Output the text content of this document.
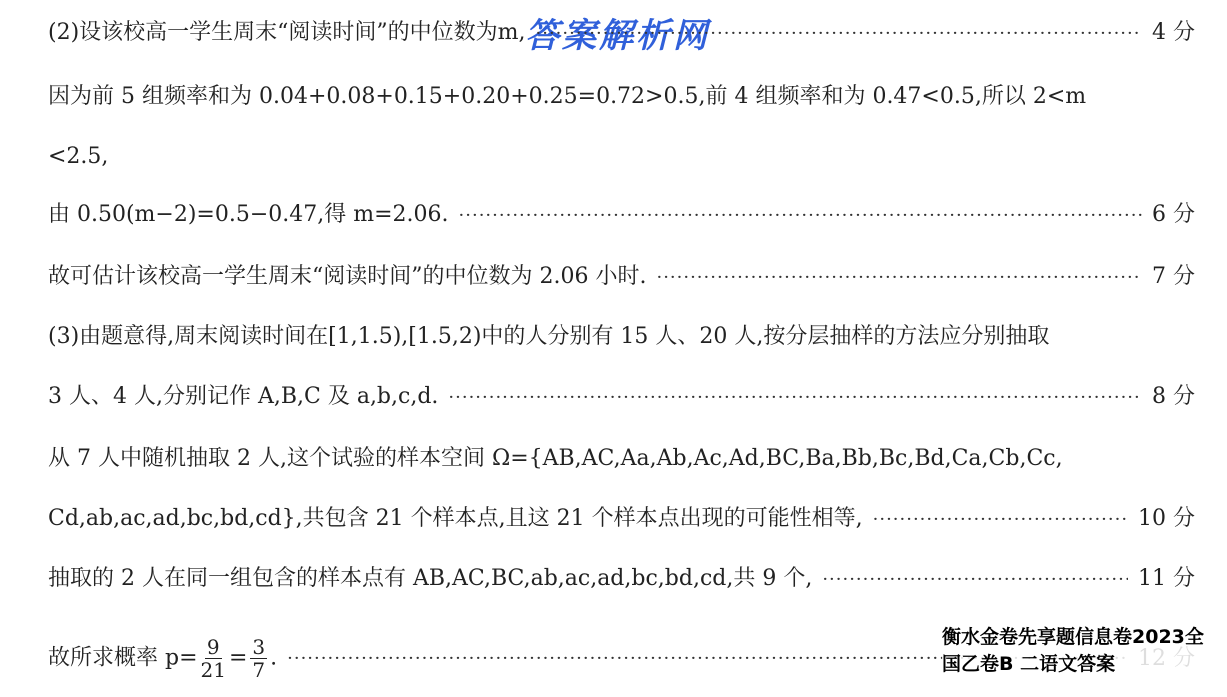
答案解析网
(2)设该校高一学生周末“阅读时间”的中位数为m, ·····	4 分
因为前 5 组频率和为 0.04+0.08+0.15+0.20+0.25=0.72>0.5,前 4 组频率和为 0.47<0.5,所以 2<m
<2.5,
由 0.50(m−2)=0.5−0.47,得 m=2.06. ·····	6 分
故可估计该校高一学生周末“阅读时间”的中位数为 2.06 小时. ·····	7 分
(3)由题意得,周末阅读时间在[1,1.5),[1.5,2)中的人分别有 15 人、20 人,按分层抽样的方法应分别抽取
3 人、4 人,分别记作 A,B,C 及 a,b,c,d. ·····	8 分
从 7 人中随机抽取 2 人,这个试验的样本空间 Ω={AB,AC,Aa,Ab,Ac,Ad,BC,Ba,Bb,Bc,Bd,Ca,Cb,Cc,
Cd,ab,ac,ad,bc,bd,cd},共包含 21 个样本点,且这 21 个样本点出现的可能性相等, ·····	10 分
抽取的 2 人在同一组包含的样本点有 AB,AC,BC,ab,ac,ad,bc,bd,cd,共 9 个, ·····	11 分
故所求概率 $p= \frac{9}{21} = \frac{3}{7}$ .
·····
衡水金卷先享题信息卷2023全
国乙卷B 二语文答案
